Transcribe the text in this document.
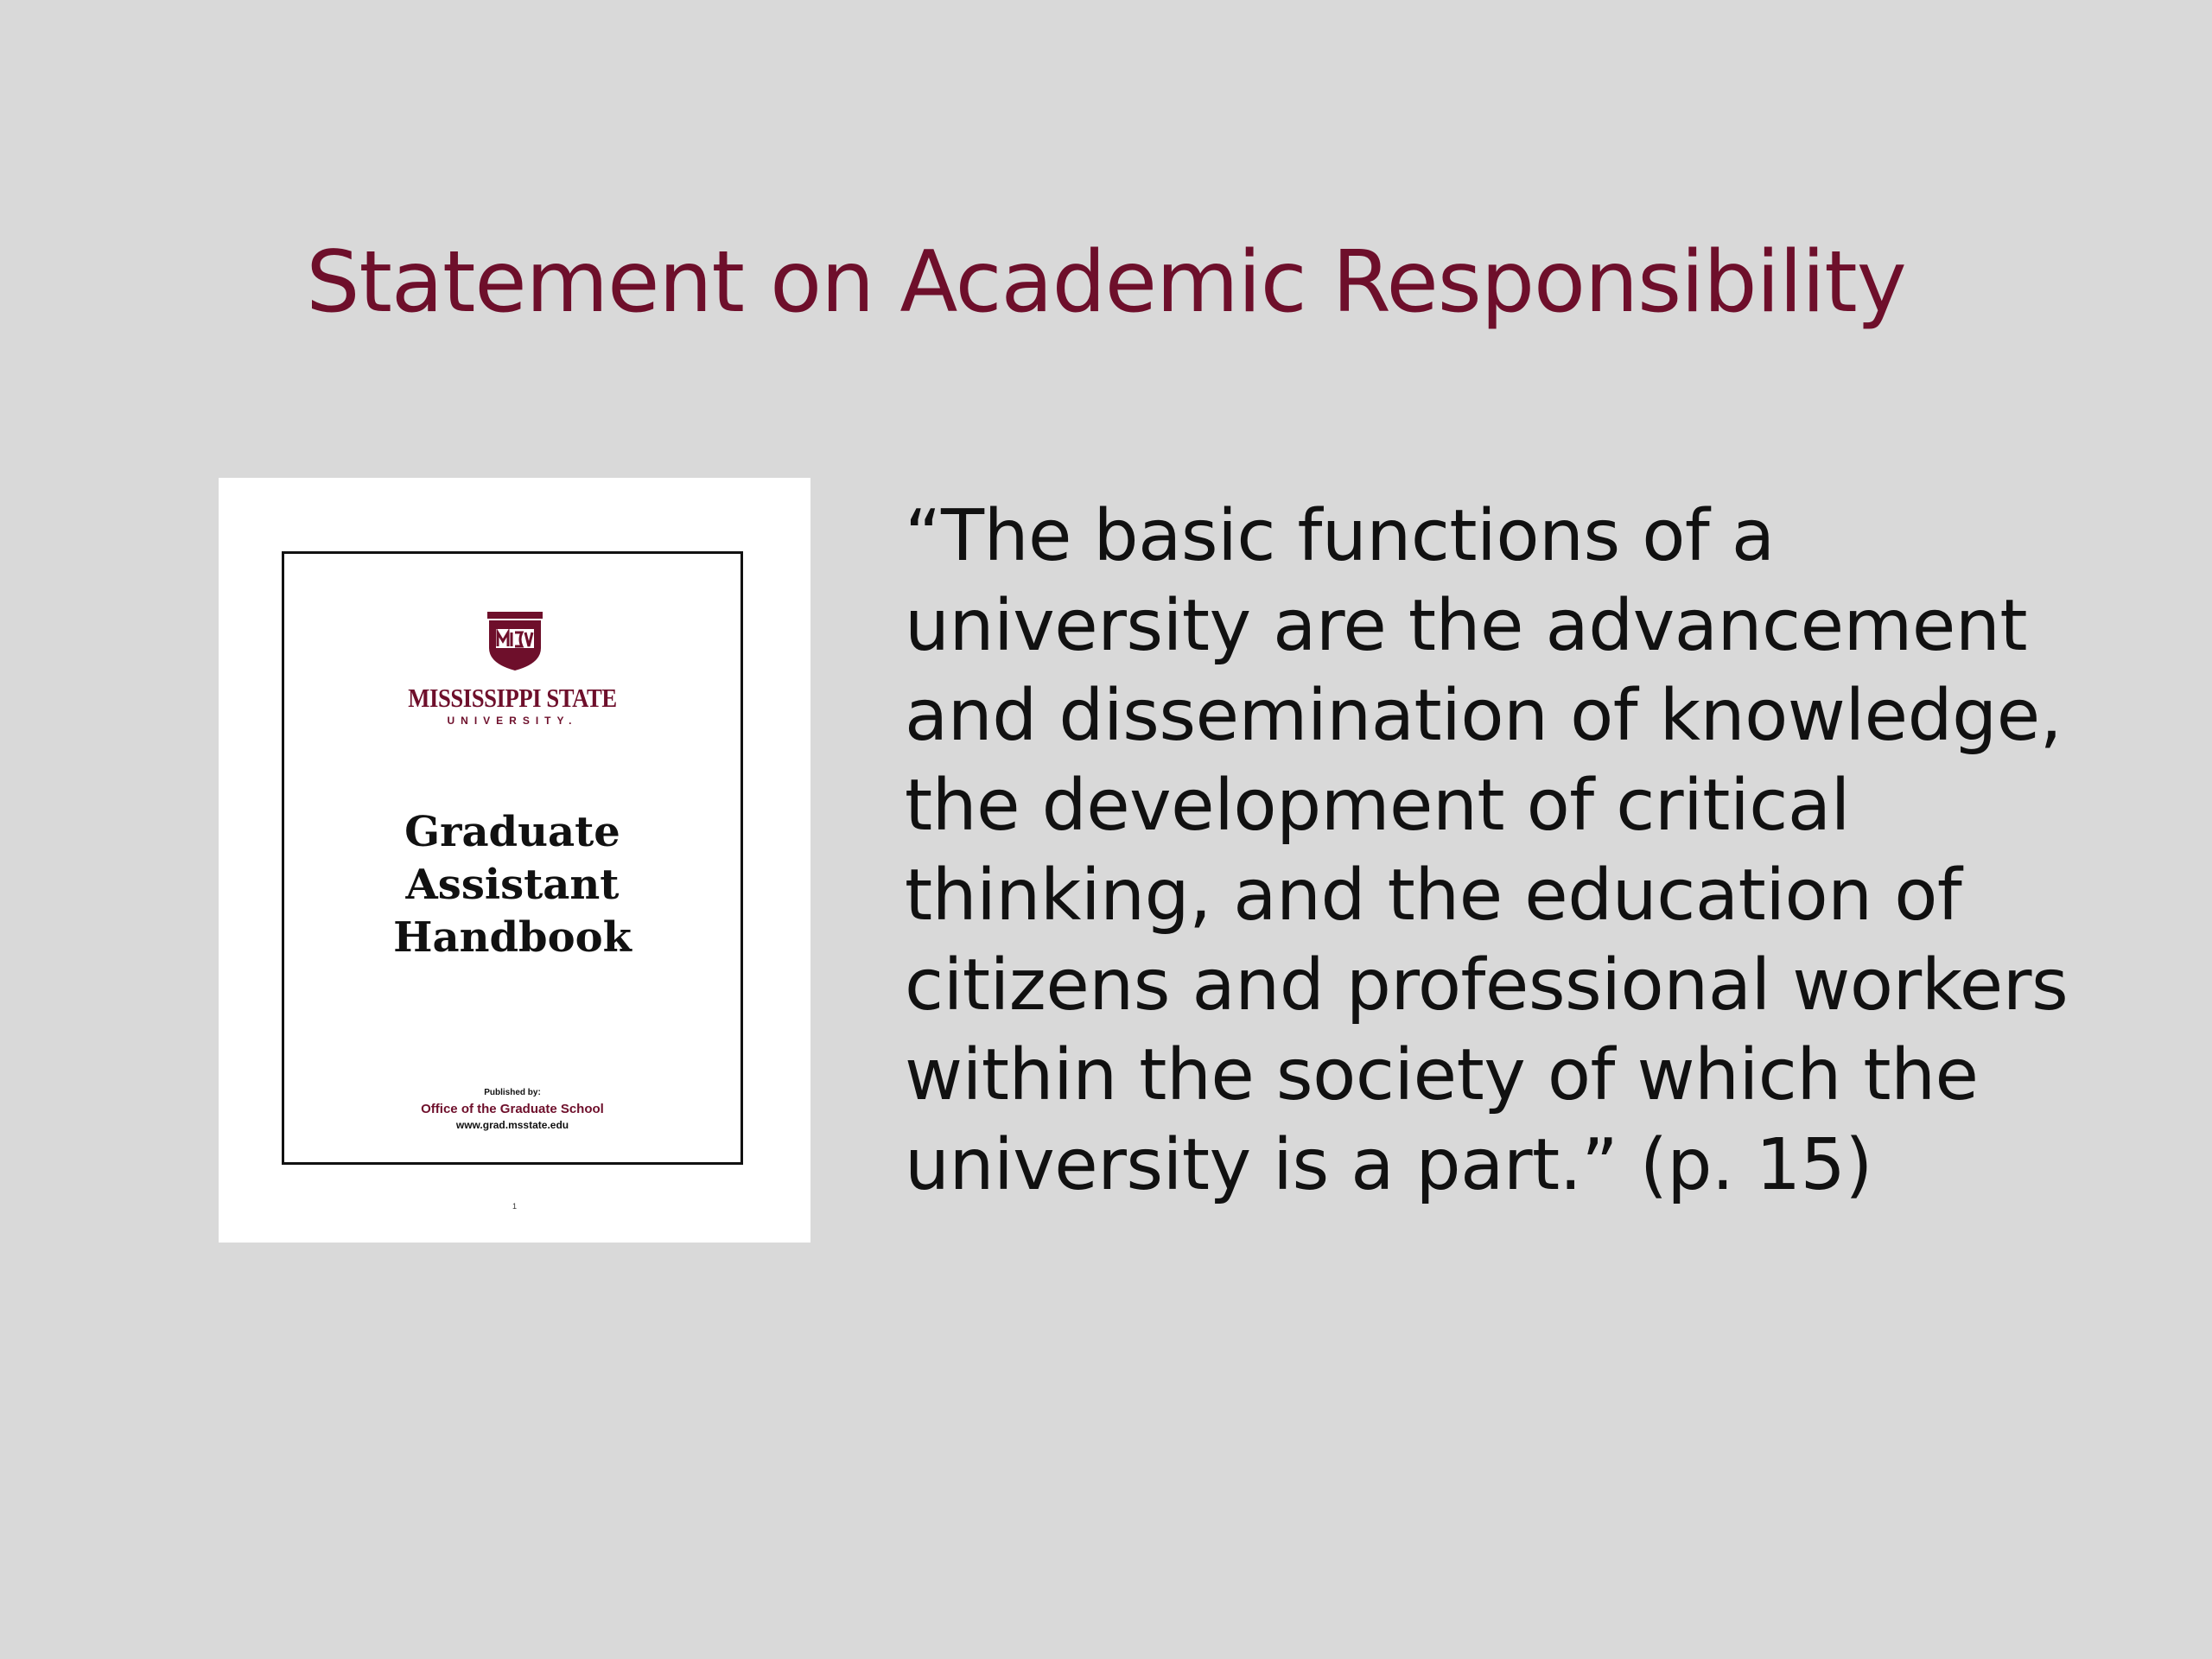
Statement on Academic Responsibility
MISSISSIPPI STATE
UNIVERSITY.
Graduate
Assistant
Handbook
Published by:
Office of the Graduate School
www.grad.msstate.edu
1
“The basic functions of a
university are the advancement
and dissemination of knowledge,
the development of critical
thinking, and the education of
citizens and professional workers
within the society of which the
university is a part.” (p. 15)
